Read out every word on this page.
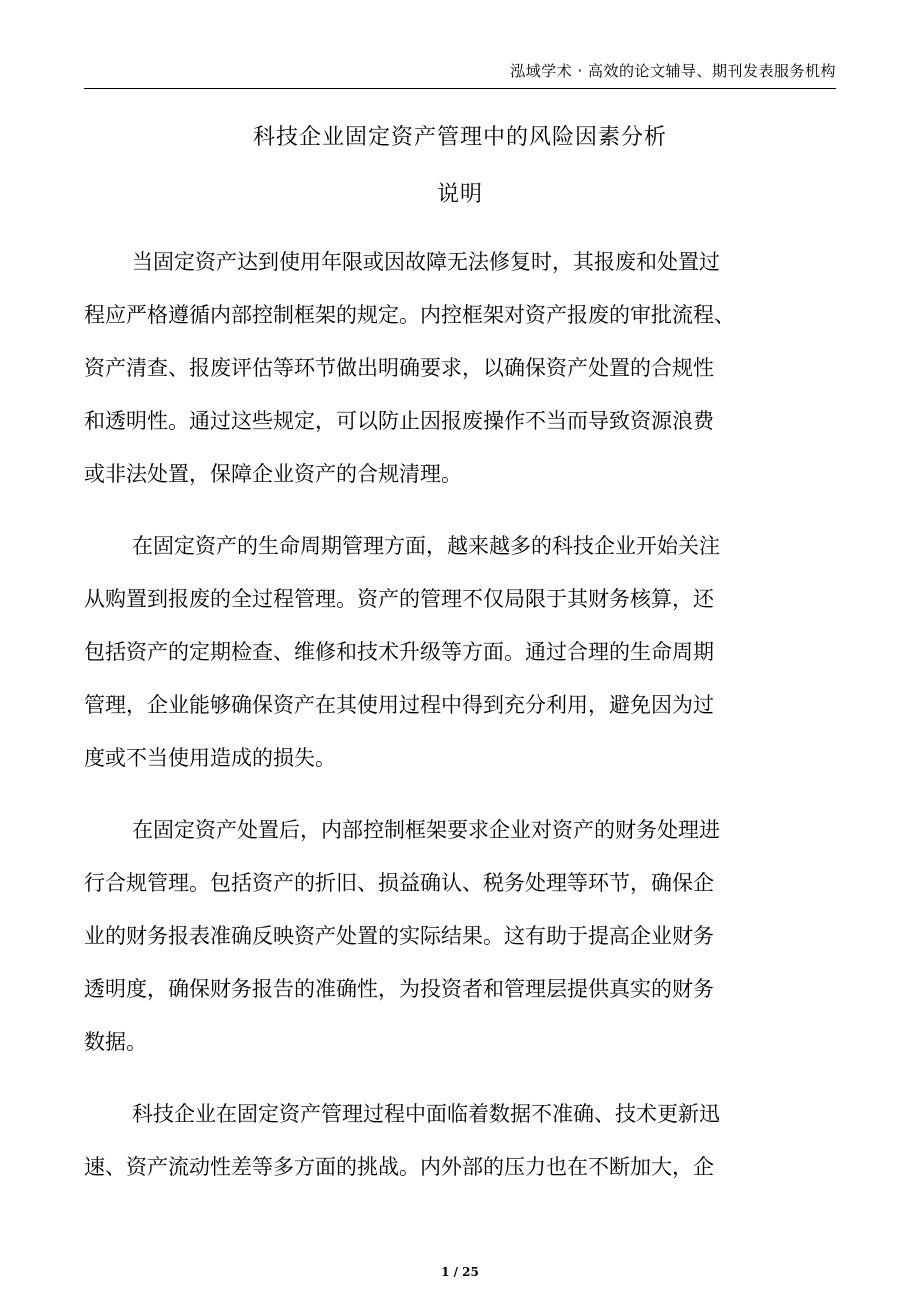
泓域学术 · 高效的论文辅导、期刊发表服务机构
科技企业固定资产管理中的风险因素分析
说明

当固定资产达到使用年限或因故障无法修复时，其报废和处置过
程应严格遵循内部控制框架的规定。内控框架对资产报废的审批流程、
资产清查、报废评估等环节做出明确要求，以确保资产处置的合规性
和透明性。通过这些规定，可以防止因报废操作不当而导致资源浪费
或非法处置，保障企业资产的合规清理。

在固定资产的生命周期管理方面，越来越多的科技企业开始关注
从购置到报废的全过程管理。资产的管理不仅局限于其财务核算，还
包括资产的定期检查、维修和技术升级等方面。通过合理的生命周期
管理，企业能够确保资产在其使用过程中得到充分利用，避免因为过
度或不当使用造成的损失。

在固定资产处置后，内部控制框架要求企业对资产的财务处理进
行合规管理。包括资产的折旧、损益确认、税务处理等环节，确保企
业的财务报表准确反映资产处置的实际结果。这有助于提高企业财务
透明度，确保财务报告的准确性，为投资者和管理层提供真实的财务
数据。

科技企业在固定资产管理过程中面临着数据不准确、技术更新迅
速、资产流动性差等多方面的挑战。内外部的压力也在不断加大，企

1 / 25
